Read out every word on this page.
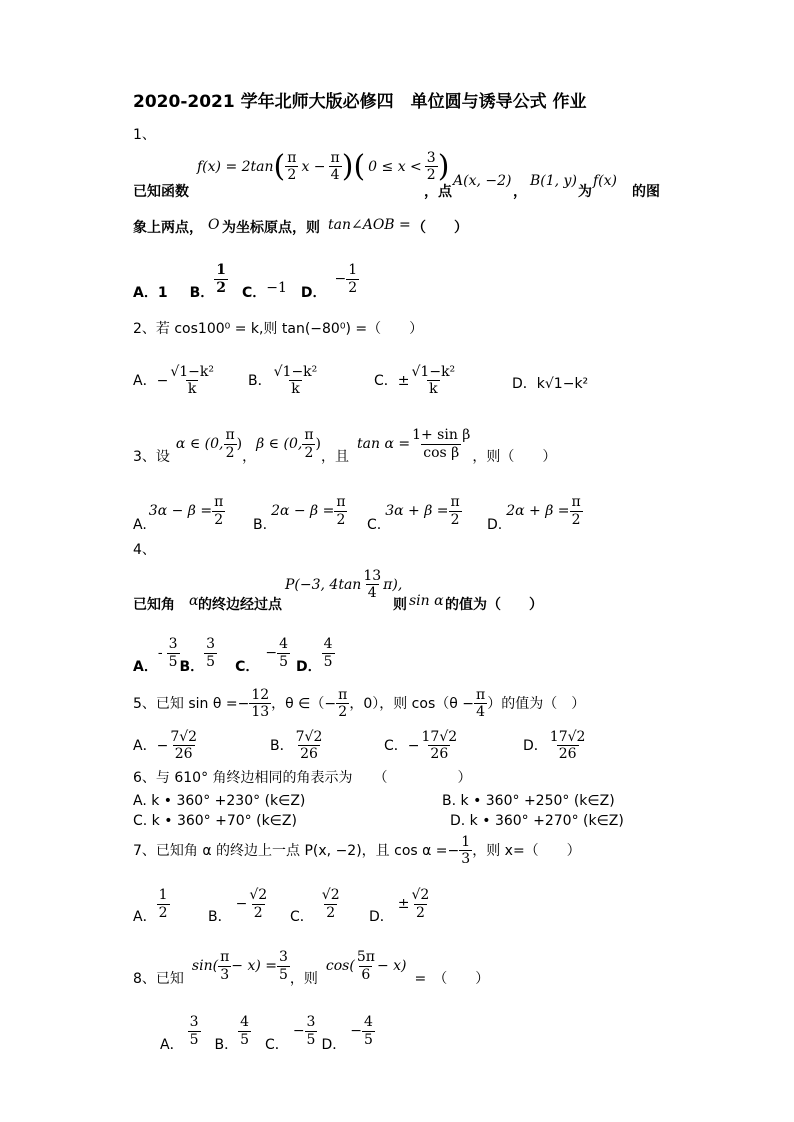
2020-2021 学年北师大版必修四　单位圆与诱导公式 作业
1、
已知函数
f(x) = 2tan ( $\frac{\pi}{2}$ $x - \frac{\pi}{4}$ ) ( $0 \le x < \frac{3}{2}$ )
，点
A(x, −2)
，
B(1, y)
为
f(x)
的图
象上两点， O 为坐标原点，则 tan∠AOB = （　　）
A．1 B． $\frac{1}{2}$ C． −1 D．
− $\frac{1}{2}$
2、若 cos100⁰ = k,则 tan(−80⁰) =（　　）
A．− $\frac{\text{√1−k²}}{k}$ B． $\frac{\text{√1−k²}}{k}$	C．± $\frac{\text{√1−k²}}{k}$	D．k√1−k²
3、设
α ∈ (0, $\frac{\pi}{2}$ )
，
β ∈ (0, $\frac{\pi}{2}$ )
，且
$\tan \alpha = \frac{\text{1+ sin β}}{\text{cos β}}$ ，则（　　）
A.
$3\alpha - \beta = \frac{\pi}{2} B$.
$2\alpha - \beta = \frac{\pi}{2} C$.
$3\alpha + \beta = \frac{\pi}{2} D$.
$2\alpha + \beta = \frac{\pi}{2}$
4、
已知角 α 的终边经过点
P(−3, $4\tan \frac{13}{4} \pi$),
则 sin α 的值为（　　）
A．
- $\frac{3}{5}$ B． $\frac{3}{5}$ C．
− $\frac{4}{5}$ D． $\frac{4}{5}$
5、已知 $\sin \theta =- \frac{12}{13}$ ，θ ∈（− $\frac{\pi}{2}$ ，0），则 $\cos(\theta - \frac{\pi}{4}$ ）的值为（　）
A．− $\frac{7√2}{26}$	B． $\frac{7√2}{26}$	C．− $\frac{17√2}{26}$	D． $\frac{17√2}{26}$
6、与 610° 角终边相同的角表示为　　（　　　　　）
A. k • 360° +230° (k∈Z)	B. k • 360° +250° (k∈Z)
C. k • 360° +70° (k∈Z)	D. k • 360° +270° (k∈Z)
7、已知角 α 的终边上一点 P(x, −2)，且 $\cos \alpha =- \frac{1}{3}$ ，则 x=（　　）
A． $\frac{1}{2}$	B．
− $\frac{√2}{2}$ C． $\frac{√2}{2}$ D．
± $\frac{√2}{2}$
8、已知
$\sin( \frac{\pi}{3} - x) = \frac{3}{5}$ ，则
$\cos( \frac{5\pi}{6} - x)$
=　（　　）
A． $\frac{3}{5}$ B． $\frac{4}{5}$ C．
− $\frac{3}{5}$ D．
− $\frac{4}{5}$
